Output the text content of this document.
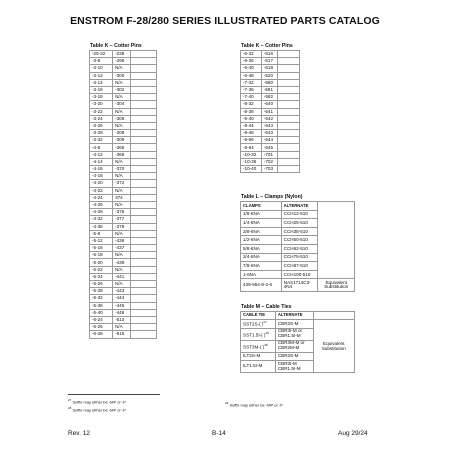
ENSTROM F-28/280 SERIES ILLUSTRATED PARTS CATALOG
Table K – Cotter Pins
-25-32	-238	
-3-8	-298	
-3-10	N/A	
-3-12	-300	
-3-14	N/A	
-3-16	-302	
-3-18	N/A	
-3-20	-304	
-3-22	N/A	
-3-24	-306	
-3-26	N/A	
-3-28	-308	
-3-32	-309	
-4-8	-366	
-4-12	-368	
-4-14	N/A	
-4-16	-370	
-4-18	N/A	
-4-20	-372	
-4-22	N/A	
-4-24	374	
-4-26	N/A	
-4-28	-376	
-4-32	-377	
-4-36	-378	
-5-8	N/A	
-5-12	-436	
-5-16	-437	
-5-18	N/A	
-5-20	-439	
-5-22	N/A	
-5-24	-441	
-5-26	N/A	
-5-28	-443	
-5-32	-444	
-5-36	-445	
-5-40	-446	
-6-24	-513	
-6-26	N/A	
-6-28	-515	
Table K – Cotter Pins
-6-32	-516	
-6-36	-517	
-6-40	-518	
-6-48	-520	
-7-32	-580	
-7-36	-581	
-7-40	-582	
-8-32	-640	
-8-36	-641	
-8-40	-642	
-8-44	-643	
-8-48	-643	
-8-56	-644	
-8-64	-645	
-10-32	-701	
-10-36	-702	
-10-40	-703	
Table L – Clamps (Nylon)
CLAMPS	ALTERNATE	
1/8-6NA	CCH12-510	
1/4-6NA	CCH25-510	
3/8-6NA	CCH38-510	
1/2-6NA	CCH50-510	
5/8-6NA	CCH62-510	
3/4-6NA	CCH75-510	
7/8-6NA	CCH87-510	
1-6NA	CCH100-510	
439-554-8-2-6	NAS1714C3-4N4	Equivalent Substitution
Table M – Cable Ties
CABLE TIE	ALTERNATE	
SST2S-( )$^{27}$	CBR3S-M	Equivalent Substitution
SST1.5I-( )$^{28}$	CBR3I-M or CBR1.5I-M	
SST3M-( )$^{28}$	CBR3M-M or CBR2M-M	
ILT2S-M	CBR3S-M	
ILT1.5I-M	CBR3I-M CBR1.5I-M	
$^{27}$ Suffix may either be -MP or -P
$^{28}$ Suffix may either be -MP or -P
$^{29}$ Suffix may either be -MP or -P
Rev. 12	B-14	Aug 29/24
